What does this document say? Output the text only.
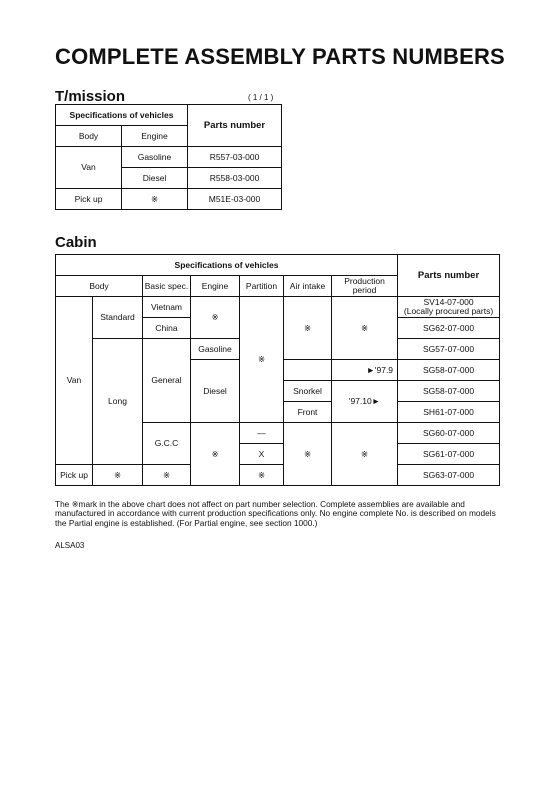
COMPLETE ASSEMBLY PARTS NUMBERS
T/mission	( 1 / 1 )
Specifications of vehicles		Parts number
Body	Engine	
Van	Gasoline	R557-03-000
	Diesel	R558-03-000
Pick up	※	M51E-03-000
Cabin
Specifications of vehicles							Parts number
Body		Basic spec.	Engine	Partition	Air intake	Production period	
Van	Standard	Vietnam	※	※	※	※	SV14-07-000
(Locally procured parts)
		China					SG62-07-000
	Long	General	Gasoline				SG57-07-000
			Diesel			►'97.9	SG58-07-000
					Snorkel	'97.10►	SG58-07-000
					Front		SH61-07-000
		G.C.C	※	—	※	※	SG60-07-000
				X			SG61-07-000
Pick up	※	※		※			SG63-07-000
The ※mark in the above chart does not affect on part number selection. Complete assemblies are available and manufactured in accordance with current production specifications only. No engine complete No. is described on models the Partial engine is established. (For Partial engine, see section 1000.)
ALSA03
